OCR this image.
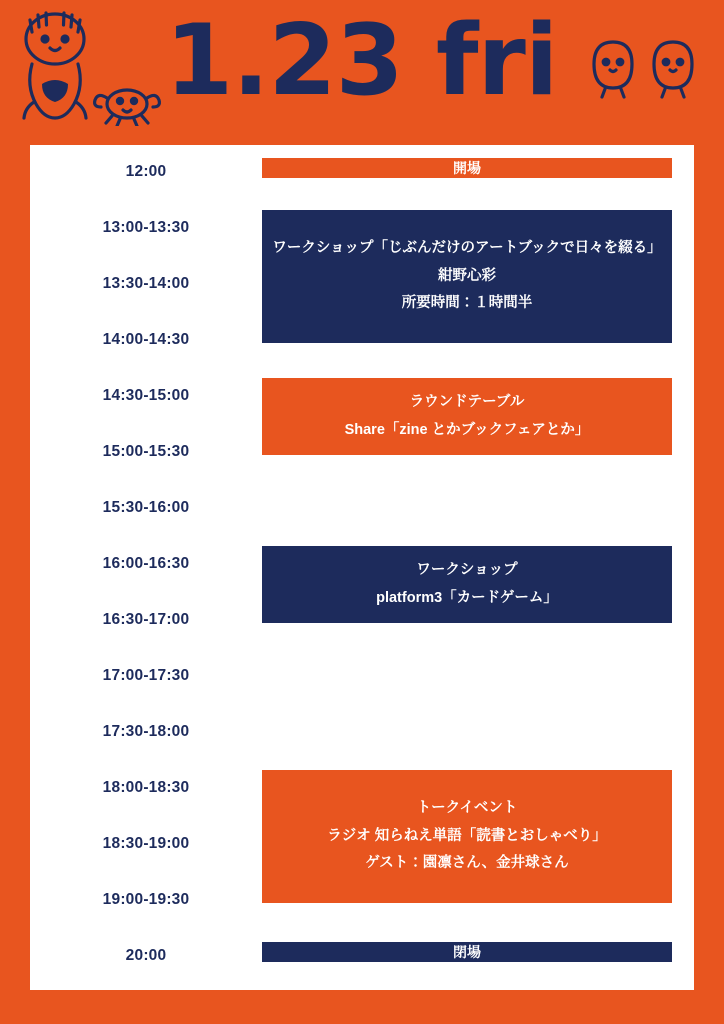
1.23 fri
12:00
13:00-13:30
13:30-14:00
14:00-14:30
14:30-15:00
15:00-15:30
15:30-16:00
16:00-16:30
16:30-17:00
17:00-17:30
17:30-18:00
18:00-18:30
18:30-19:00
19:00-19:30
20:00
開場
ワークショップ「じぶんだけのアートブックで日々を綴る」
紺野心彩
所要時間：１時間半
ラウンドテーブル
Share「zine とかブックフェアとか」
ワークショップ
platform3「カードゲーム」
トークイベント
ラジオ 知らねえ単語「読書とおしゃべり」
ゲスト：園凛さん、金井球さん
閉場
